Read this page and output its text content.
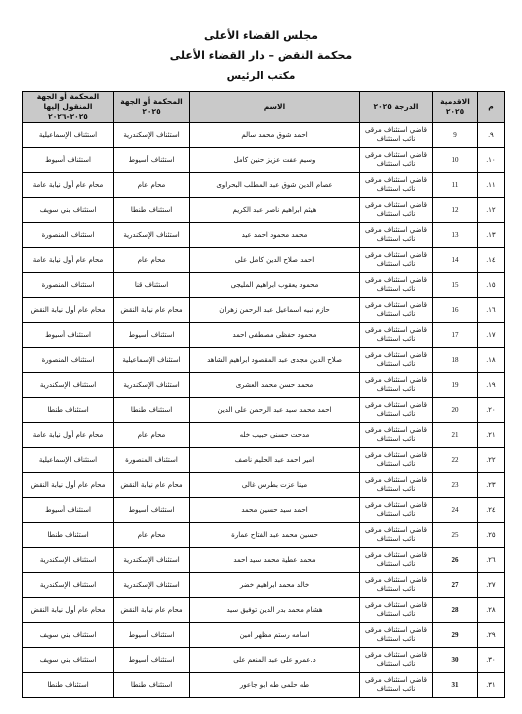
مجلس القضاء الأعلى
محكمة النقض – دار القضاء الأعلى
مكتب الرئيس
م	الاقدمية ٢٠٢٥	الدرجة ٢٠٢٥	الاسم	المحكمة أو الجهة ٢٠٢٥	المحكمة أو الجهة المنقول إليها ٢٠٢٥-٢٠٢٦
٩.	9	قاضي استئناف مرقى نائب استئناف	احمد شوق محمد سالم	استئناف الإسكندرية	استئناف الإسماعيلية
١٠.	10	قاضي استئناف مرقى نائب استئناف	وسيم عفت عزيز حنين كامل	استئناف أسيوط	استئناف أسيوط
١١.	11	قاضي استئناف مرقى نائب استئناف	عصام الدين شوق عبد المطلب البحراوى	محام عام	محام عام أول نيابة عامة
١٢.	12	قاضي استئناف مرقى نائب استئناف	هيثم ابراهيم ناصر عبد الكريم	استئناف طنطا	استئناف بني سويف
١٣.	13	قاضي استئناف مرقى نائب استئناف	محمد محمود احمد عيد	استئناف الإسكندرية	استئناف المنصورة
١٤.	14	قاضي استئناف مرقى نائب استئناف	احمد صلاح الدين كامل على	محام عام	محام عام أول نيابة عامة
١٥.	15	قاضي استئناف مرقى نائب استئناف	محمود يعقوب ابراهيم المليجى	استئناف قنا	استئناف المنصورة
١٦.	16	قاضي استئناف مرقى نائب استئناف	حازم نبيه اسماعيل عبد الرحمن زهران	محام عام نيابة النقض	محام عام أول نيابة النقض
١٧.	17	قاضي استئناف مرقى نائب استئناف	محمود حفظى مصطفى احمد	استئناف أسيوط	استئناف أسيوط
١٨.	18	قاضي استئناف مرقى نائب استئناف	صلاح الدين مجدى عبد المقصود ابراهيم الشاهد	استئناف الإسماعيلية	استئناف المنصورة
١٩.	19	قاضي استئناف مرقى نائب استئناف	محمد حسن محمد العشرى	استئناف الإسكندرية	استئناف الإسكندرية
٢٠.	20	قاضي استئناف مرقى نائب استئناف	احمد محمد سيد عبد الرحمن على الدين	استئناف طنطا	استئناف طنطا
٢١.	21	قاضي استئناف مرقى نائب استئناف	مدحت حسنى حبيب خله	محام عام	محام عام أول نيابة عامة
٢٢.	22	قاضي استئناف مرقى نائب استئناف	امير احمد عبد الحليم ناصف	استئناف المنصورة	استئناف الإسماعيلية
٢٣.	23	قاضي استئناف مرقى نائب استئناف	مينا عزت بطرس غالى	محام عام نيابة النقض	محام عام أول نيابة النقض
٢٤.	24	قاضي استئناف مرقى نائب استئناف	احمد سيد حسين محمد	استئناف أسيوط	استئناف أسيوط
٢٥.	25	قاضي استئناف مرقى نائب استئناف	حسين محمد عبد الفتاح عمارة	محام عام	استئناف طنطا
٢٦.	26	قاضي استئناف مرقى نائب استئناف	محمد عطية محمد سيد احمد	استئناف الإسكندرية	استئناف الإسكندرية
٢٧.	27	قاضي استئناف مرقى نائب استئناف	خالد محمد ابراهيم خضر	استئناف الإسكندرية	استئناف الإسكندرية
٢٨.	28	قاضي استئناف مرقى نائب استئناف	هشام محمد بدر الدين توفيق سيد	محام عام نيابة النقض	محام عام أول نيابة النقض
٢٩.	29	قاضي استئناف مرقى نائب استئناف	اسامه رستم مظهر امين	استئناف أسيوط	استئناف بني سويف
٣٠.	30	قاضي استئناف مرقى نائب استئناف	د.عمرو على عبد المنعم على	استئناف أسيوط	استئناف بني سويف
٣١.	31	قاضي استئناف مرقى نائب استئناف	طه حلمى طه ابو جاعور	استئناف طنطا	استئناف طنطا
